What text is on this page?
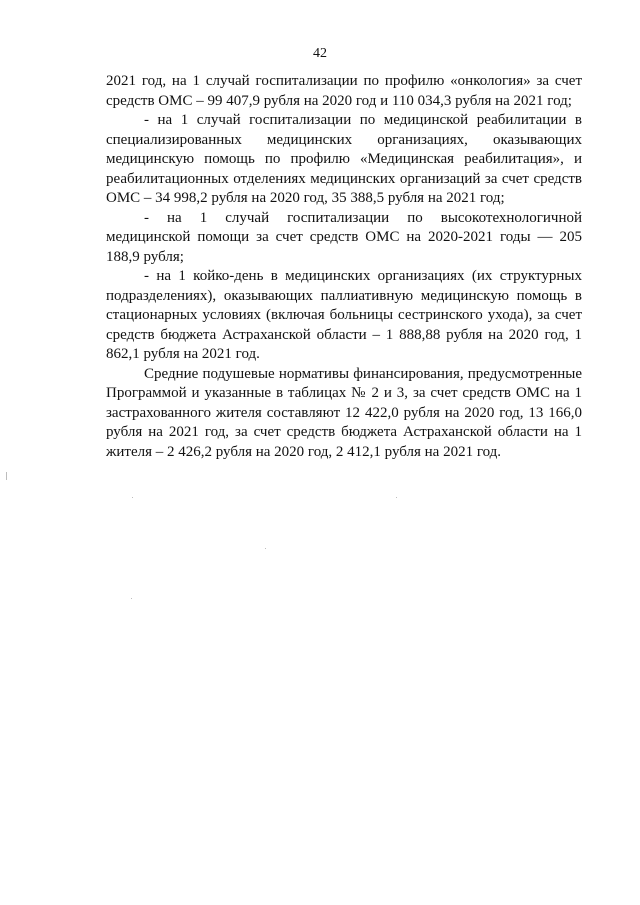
42

2021 год, на 1 случай госпитализации по профилю «онкология» за счет средств ОМС – 99 407,9 рубля на 2020 год и 110 034,3 рубля на 2021 год;

- на 1 случай госпитализации по медицинской реабилитации в специализированных медицинских организациях, оказывающих медицинскую помощь по профилю «Медицинская реабилитация», и реабилитационных отделениях медицинских организаций за счет средств ОМС – 34 998,2 рубля на 2020 год, 35 388,5 рубля на 2021 год;

- на 1 случай госпитализации по высокотехнологичной медицинской помощи за счет средств ОМС на 2020-2021 годы — 205 188,9 рубля;

- на 1 койко-день в медицинских организациях (их структурных подразделениях), оказывающих паллиативную медицинскую помощь в стационарных условиях (включая больницы сестринского ухода), за счет средств бюджета Астраханской области – 1 888,88 рубля на 2020 год, 1 862,1 рубля на 2021 год.

Средние подушевые нормативы финансирования, предусмотренные Программой и указанные в таблицах № 2 и 3, за счет средств ОМС на 1 застрахованного жителя составляют 12 422,0 рубля на 2020 год, 13 166,0 рубля на 2021 год, за счет средств бюджета Астраханской области на 1 жителя – 2 426,2 рубля на 2020 год, 2 412,1 рубля на 2021 год.
